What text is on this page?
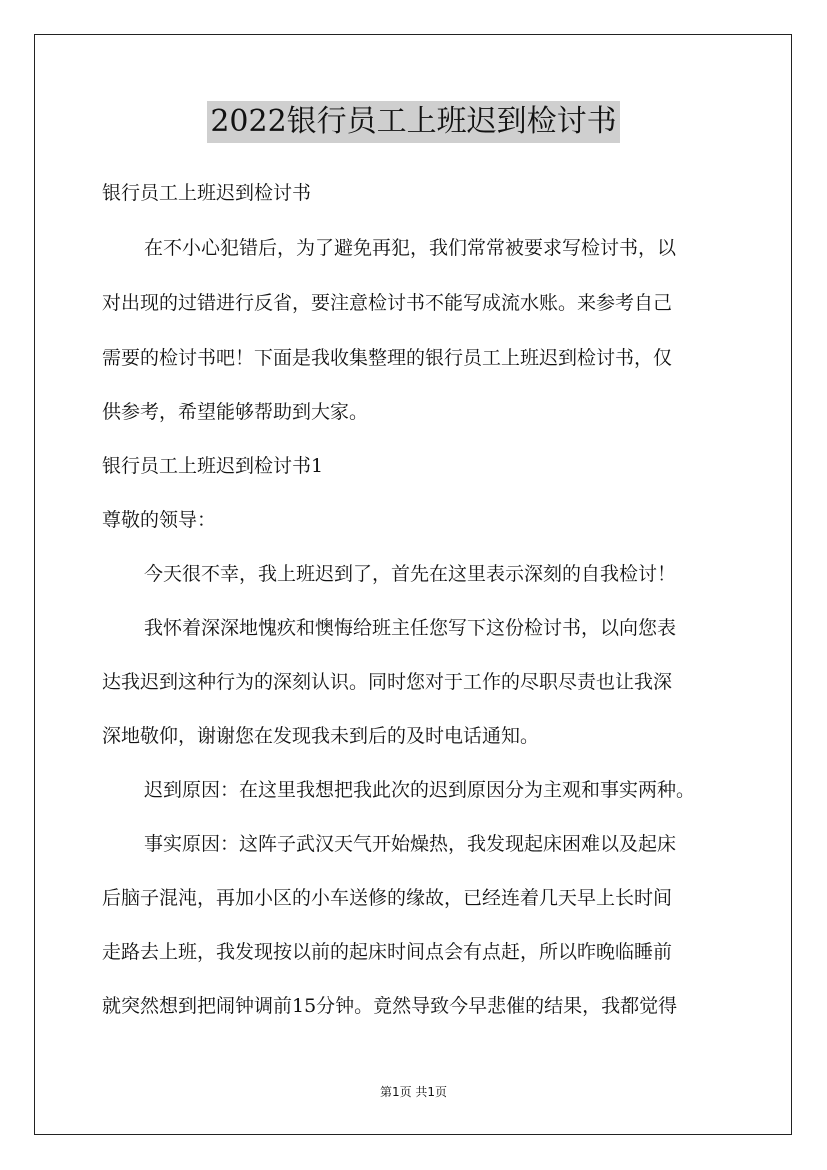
2022银行员工上班迟到检讨书
银行员工上班迟到检讨书
在不小心犯错后，为了避免再犯，我们常常被要求写检讨书，以
对出现的过错进行反省，要注意检讨书不能写成流水账。来参考自己
需要的检讨书吧！下面是我收集整理的银行员工上班迟到检讨书，仅
供参考，希望能够帮助到大家。
银行员工上班迟到检讨书1
尊敬的领导：
今天很不幸，我上班迟到了，首先在这里表示深刻的自我检讨！
我怀着深深地愧疚和懊悔给班主任您写下这份检讨书，以向您表
达我迟到这种行为的深刻认识。同时您对于工作的尽职尽责也让我深
深地敬仰，谢谢您在发现我未到后的及时电话通知。
迟到原因：在这里我想把我此次的迟到原因分为主观和事实两种。
事实原因：这阵子武汉天气开始燥热，我发现起床困难以及起床
后脑子混沌，再加小区的小车送修的缘故，已经连着几天早上长时间
走路去上班，我发现按以前的起床时间点会有点赶，所以昨晚临睡前
就突然想到把闹钟调前15分钟。竟然导致今早悲催的结果，我都觉得
第1页 共1页
